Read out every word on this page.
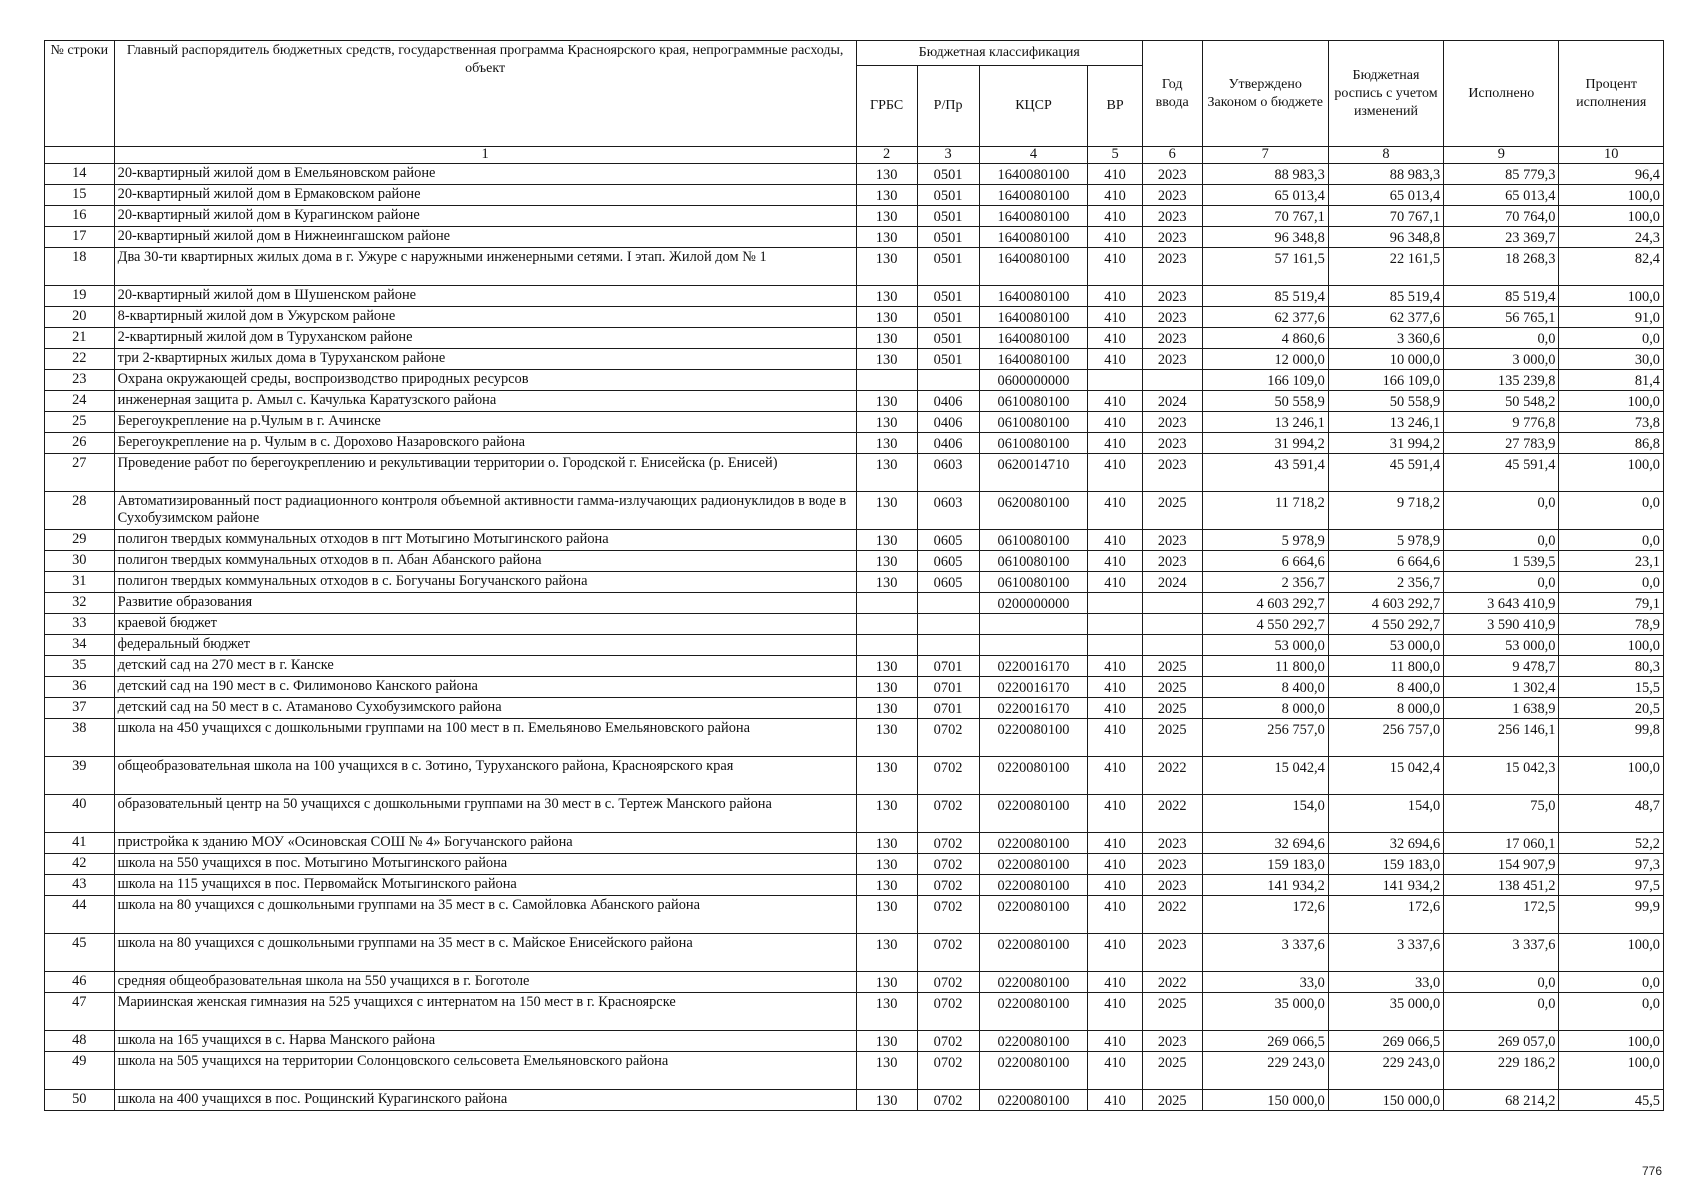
№ строки	Главный распорядитель бюджетных средств, государственная программа Красноярского края, непрограммные расходы, объект	Бюджетная классификация				Год ввода	Утверждено Законом о бюджете	Бюджетная роспись с учетом изменений	Исполнено	Процент исполнения
		ГРБС	Р/Пр	КЦСР	ВР					
	1	2	3	4	5	6	7	8	9	10
14	20-квартирный жилой дом в Емельяновском районе	130	0501	1640080100	410	2023	88 983,3	88 983,3	85 779,3	96,4
15	20-квартирный жилой дом в Ермаковском районе	130	0501	1640080100	410	2023	65 013,4	65 013,4	65 013,4	100,0
16	20-квартирный жилой дом в Курагинском районе	130	0501	1640080100	410	2023	70 767,1	70 767,1	70 764,0	100,0
17	20-квартирный жилой дом в Нижнеингашском районе	130	0501	1640080100	410	2023	96 348,8	96 348,8	23 369,7	24,3
18	Два 30-ти квартирных жилых дома в г. Ужуре с наружными инженерными сетями. I этап. Жилой дом № 1	130	0501	1640080100	410	2023	57 161,5	22 161,5	18 268,3	82,4
19	20-квартирный жилой дом в Шушенском районе	130	0501	1640080100	410	2023	85 519,4	85 519,4	85 519,4	100,0
20	8-квартирный жилой дом в Ужурском районе	130	0501	1640080100	410	2023	62 377,6	62 377,6	56 765,1	91,0
21	2-квартирный жилой дом в Туруханском районе	130	0501	1640080100	410	2023	4 860,6	3 360,6	0,0	0,0
22	три 2-квартирных жилых дома в Туруханском районе	130	0501	1640080100	410	2023	12 000,0	10 000,0	3 000,0	30,0
23	Охрана окружающей среды, воспроизводство природных ресурсов			0600000000			166 109,0	166 109,0	135 239,8	81,4
24	инженерная защита р. Амыл с. Качулька Каратузского района	130	0406	0610080100	410	2024	50 558,9	50 558,9	50 548,2	100,0
25	Берегоукрепление на р.Чулым в г. Ачинске	130	0406	0610080100	410	2023	13 246,1	13 246,1	9 776,8	73,8
26	Берегоукрепление на р. Чулым в с. Дорохово Назаровского района	130	0406	0610080100	410	2023	31 994,2	31 994,2	27 783,9	86,8
27	Проведение работ по берегоукреплению и рекультивации территории о. Городской г. Енисейска (р. Енисей)	130	0603	0620014710	410	2023	43 591,4	45 591,4	45 591,4	100,0
28	Автоматизированный пост радиационного контроля объемной активности гамма-излучающих радионуклидов в воде в Сухобузимском районе	130	0603	0620080100	410	2025	11 718,2	9 718,2	0,0	0,0
29	полигон твердых коммунальных отходов в пгт Мотыгино Мотыгинского района	130	0605	0610080100	410	2023	5 978,9	5 978,9	0,0	0,0
30	полигон твердых коммунальных отходов в п. Абан Абанского района	130	0605	0610080100	410	2023	6 664,6	6 664,6	1 539,5	23,1
31	полигон твердых коммунальных отходов в с. Богучаны Богучанского района	130	0605	0610080100	410	2024	2 356,7	2 356,7	0,0	0,0
32	Развитие образования			0200000000			4 603 292,7	4 603 292,7	3 643 410,9	79,1
33	краевой бюджет						4 550 292,7	4 550 292,7	3 590 410,9	78,9
34	федеральный бюджет						53 000,0	53 000,0	53 000,0	100,0
35	детский сад на 270 мест в г. Канске	130	0701	0220016170	410	2025	11 800,0	11 800,0	9 478,7	80,3
36	детский сад на 190 мест в с. Филимоново Канского района	130	0701	0220016170	410	2025	8 400,0	8 400,0	1 302,4	15,5
37	детский сад на 50 мест в с. Атаманово Сухобузимского района	130	0701	0220016170	410	2025	8 000,0	8 000,0	1 638,9	20,5
38	школа на 450 учащихся с дошкольными группами на 100 мест в п. Емельяново Емельяновского района	130	0702	0220080100	410	2025	256 757,0	256 757,0	256 146,1	99,8
39	общеобразовательная школа на 100 учащихся в с. Зотино, Туруханского района, Красноярского края	130	0702	0220080100	410	2022	15 042,4	15 042,4	15 042,3	100,0
40	образовательный центр на 50 учащихся с дошкольными группами на 30 мест в с. Тертеж Манского района	130	0702	0220080100	410	2022	154,0	154,0	75,0	48,7
41	пристройка к зданию МОУ «Осиновская СОШ № 4» Богучанского района	130	0702	0220080100	410	2023	32 694,6	32 694,6	17 060,1	52,2
42	школа на 550 учащихся в пос. Мотыгино Мотыгинского района	130	0702	0220080100	410	2023	159 183,0	159 183,0	154 907,9	97,3
43	школа на 115 учащихся в пос. Первомайск Мотыгинского района	130	0702	0220080100	410	2023	141 934,2	141 934,2	138 451,2	97,5
44	школа на 80 учащихся с дошкольными группами на 35 мест в с. Самойловка Абанского района	130	0702	0220080100	410	2022	172,6	172,6	172,5	99,9
45	школа на 80 учащихся с дошкольными группами на 35 мест в с. Майское Енисейского района	130	0702	0220080100	410	2023	3 337,6	3 337,6	3 337,6	100,0
46	средняя общеобразовательная школа на 550 учащихся в г. Боготоле	130	0702	0220080100	410	2022	33,0	33,0	0,0	0,0
47	Мариинская женская гимназия на 525 учащихся с интернатом на 150 мест в г. Красноярске	130	0702	0220080100	410	2025	35 000,0	35 000,0	0,0	0,0
48	школа на 165 учащихся в с. Нарва Манского района	130	0702	0220080100	410	2023	269 066,5	269 066,5	269 057,0	100,0
49	школа на 505 учащихся на территории Солонцовского сельсовета Емельяновского района	130	0702	0220080100	410	2025	229 243,0	229 243,0	229 186,2	100,0
50	школа на 400 учащихся в пос. Рощинский Курагинского района	130	0702	0220080100	410	2025	150 000,0	150 000,0	68 214,2	45,5
776
